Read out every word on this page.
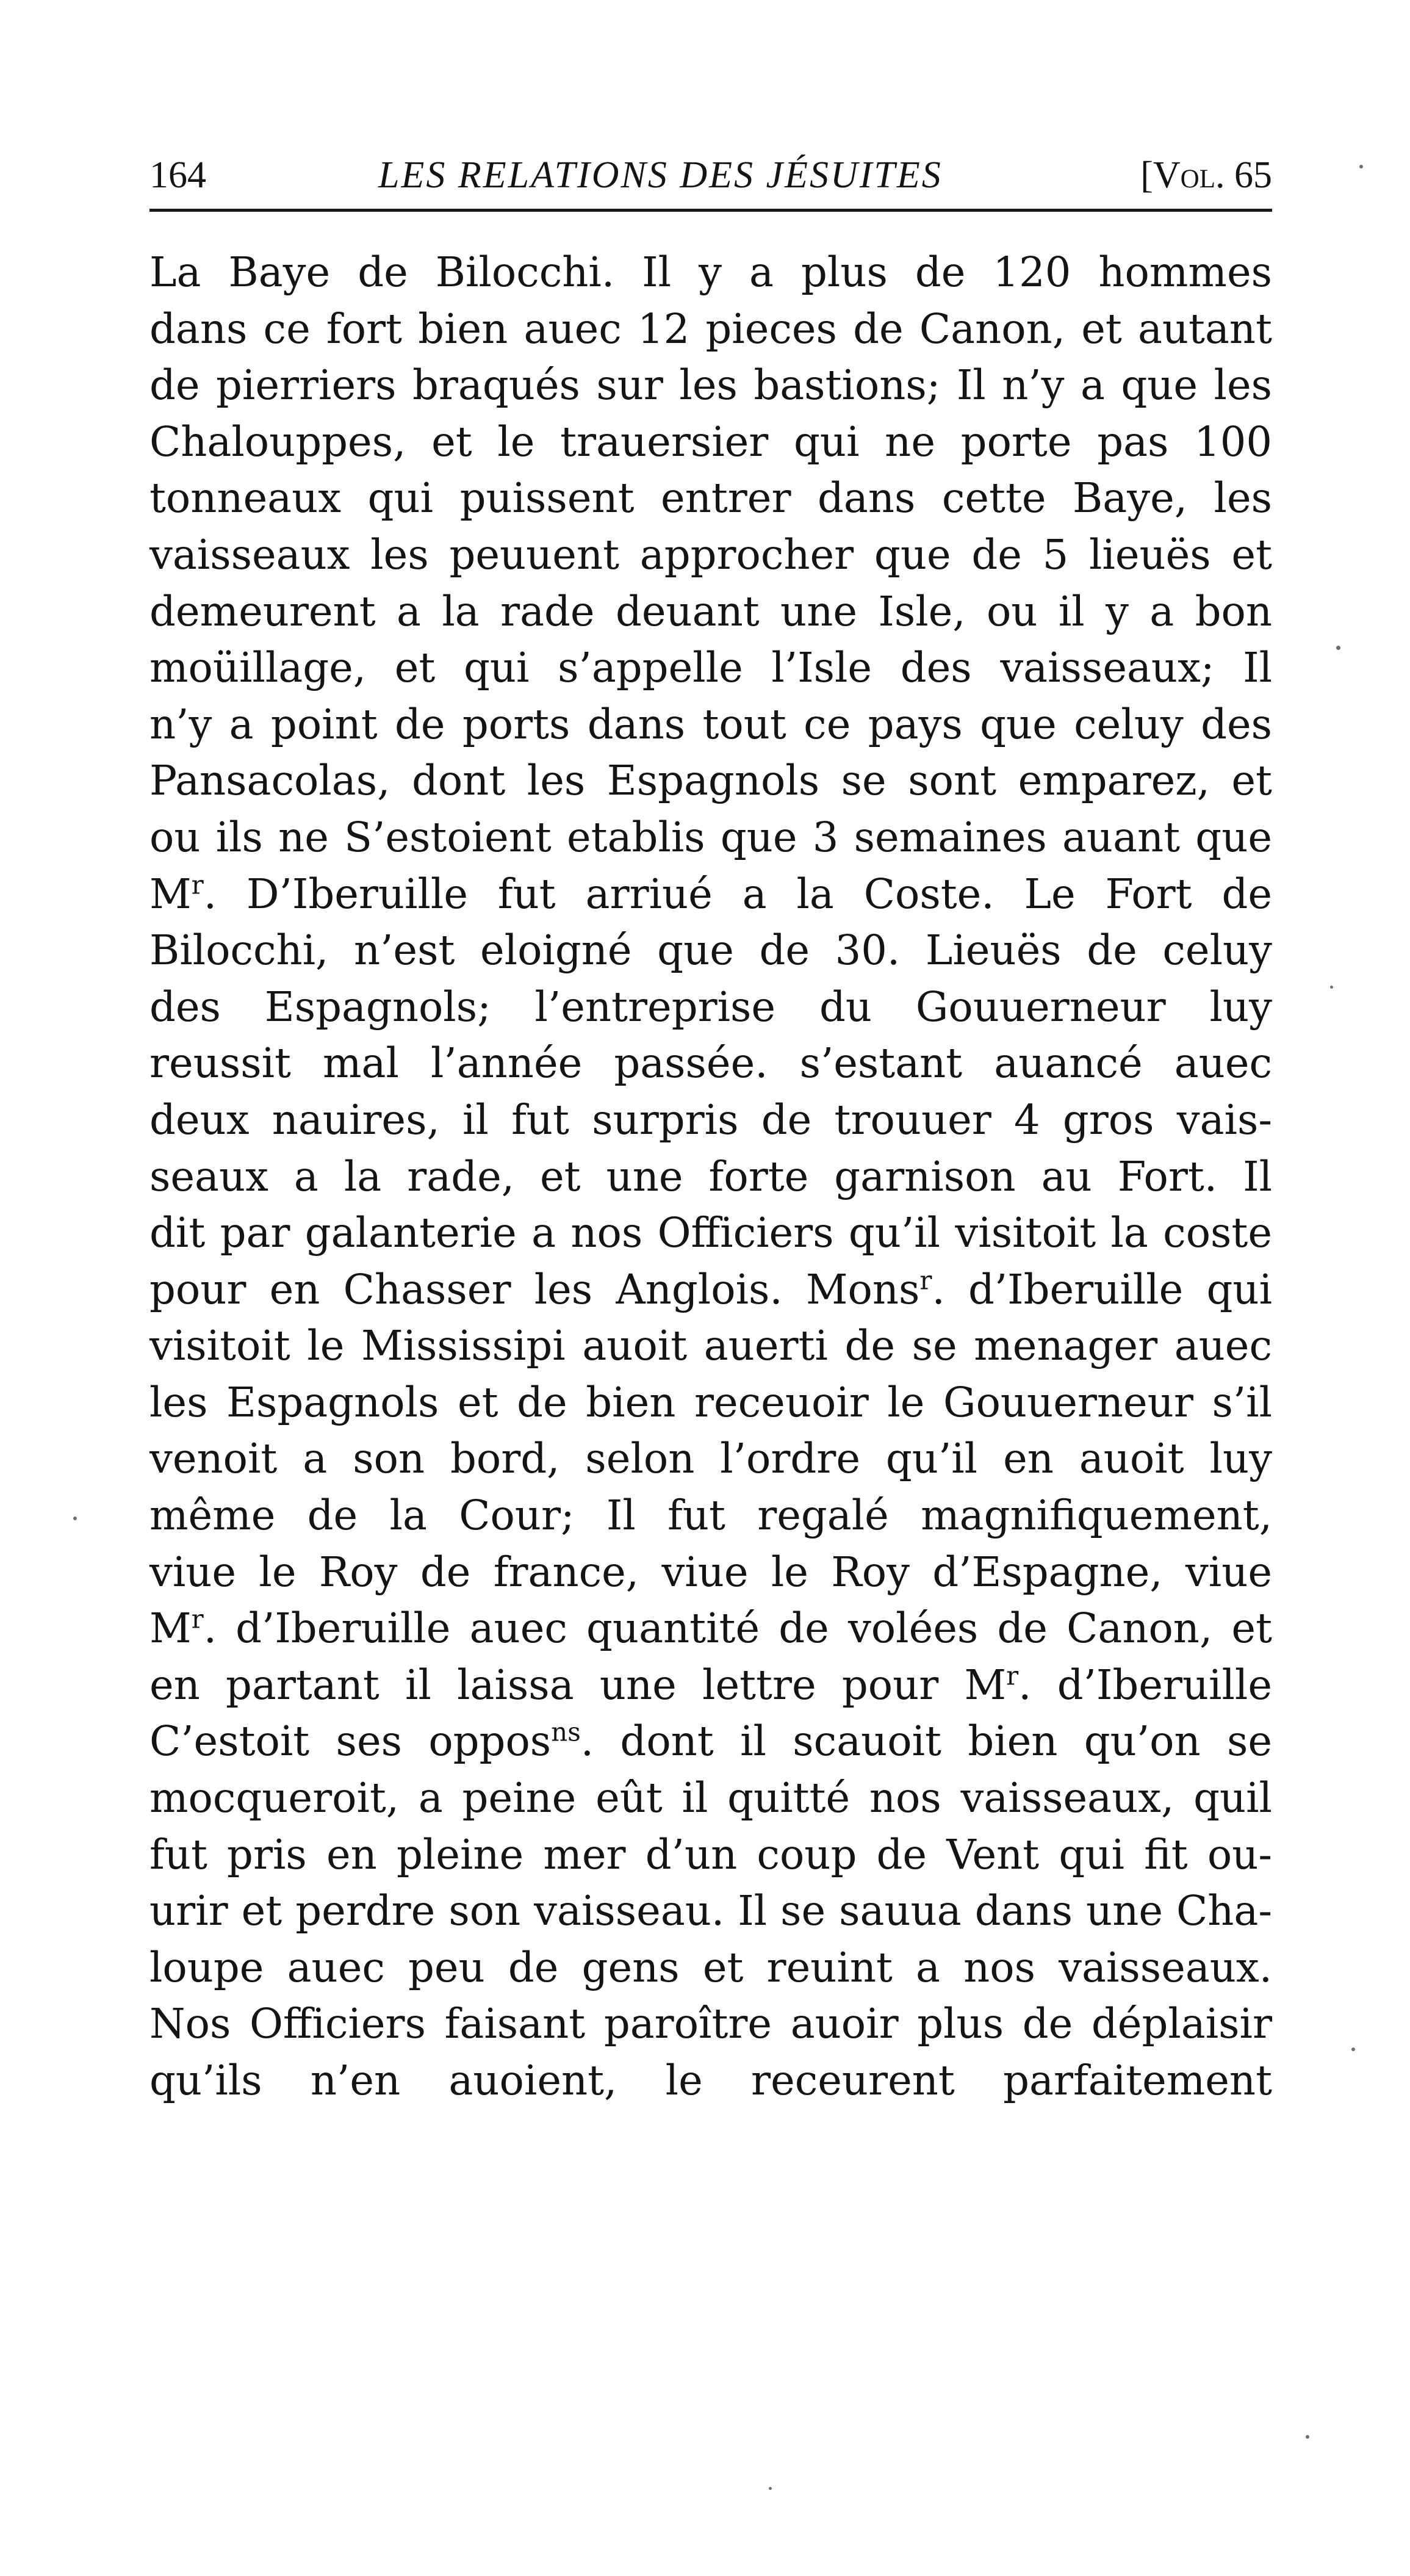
164	LES RELATIONS DES JÉSUITES	[Vol. 65
La Baye de Bilocchi. Il y a plus de 120 hommes
dans ce fort bien auec 12 pieces de Canon, et autant
de pierriers braqués sur les bastions; Il n’y a que les
Chalouppes, et le trauersier qui ne porte pas 100
tonneaux qui puissent entrer dans cette Baye, les
vaisseaux les peuuent approcher que de 5 lieuës et
demeurent a la rade deuant une Isle, ou il y a bon
moüillage, et qui s’appelle l’Isle des vaisseaux; Il
n’y a point de ports dans tout ce pays que celuy des
Pansacolas, dont les Espagnols se sont emparez, et
ou ils ne S’estoient etablis que 3 semaines auant que
$M^r$. D’Iberuille fut arriué a la Coste. Le Fort de
Bilocchi, n’est eloigné que de 30. Lieuës de celuy
des Espagnols; l’entreprise du Gouuerneur luy
reussit mal l’année passée. s’estant auancé auec
deux nauires, il fut surpris de trouuer 4 gros vais-
seaux a la rade, et une forte garnison au Fort. Il
dit par galanterie a nos Officiers qu’il visitoit la coste
pour en Chasser les Anglois. Mons$^r$. d’Iberuille qui
visitoit le Mississipi auoit auerti de se menager auec
les Espagnols et de bien receuoir le Gouuerneur s’il
venoit a son bord, selon l’ordre qu’il en auoit luy
même de la Cour; Il fut regalé magnifiquement,
viue le Roy de france, viue le Roy d’Espagne, viue
$M^r$. d’Iberuille auec quantité de volées de Canon, et
en partant il laissa une lettre pour $M^r$. d’Iberuille
C’estoit ses oppos$^{ns}$. dont il scauoit bien qu’on se
mocqueroit, a peine eût il quitté nos vaisseaux, quil
fut pris en pleine mer d’un coup de Vent qui fit ou-
urir et perdre son vaisseau. Il se sauua dans une Cha-
loupe auec peu de gens et reuint a nos vaisseaux.
Nos Officiers faisant paroître auoir plus de déplaisir
qu’ils n’en auoient, le receurent parfaitement
